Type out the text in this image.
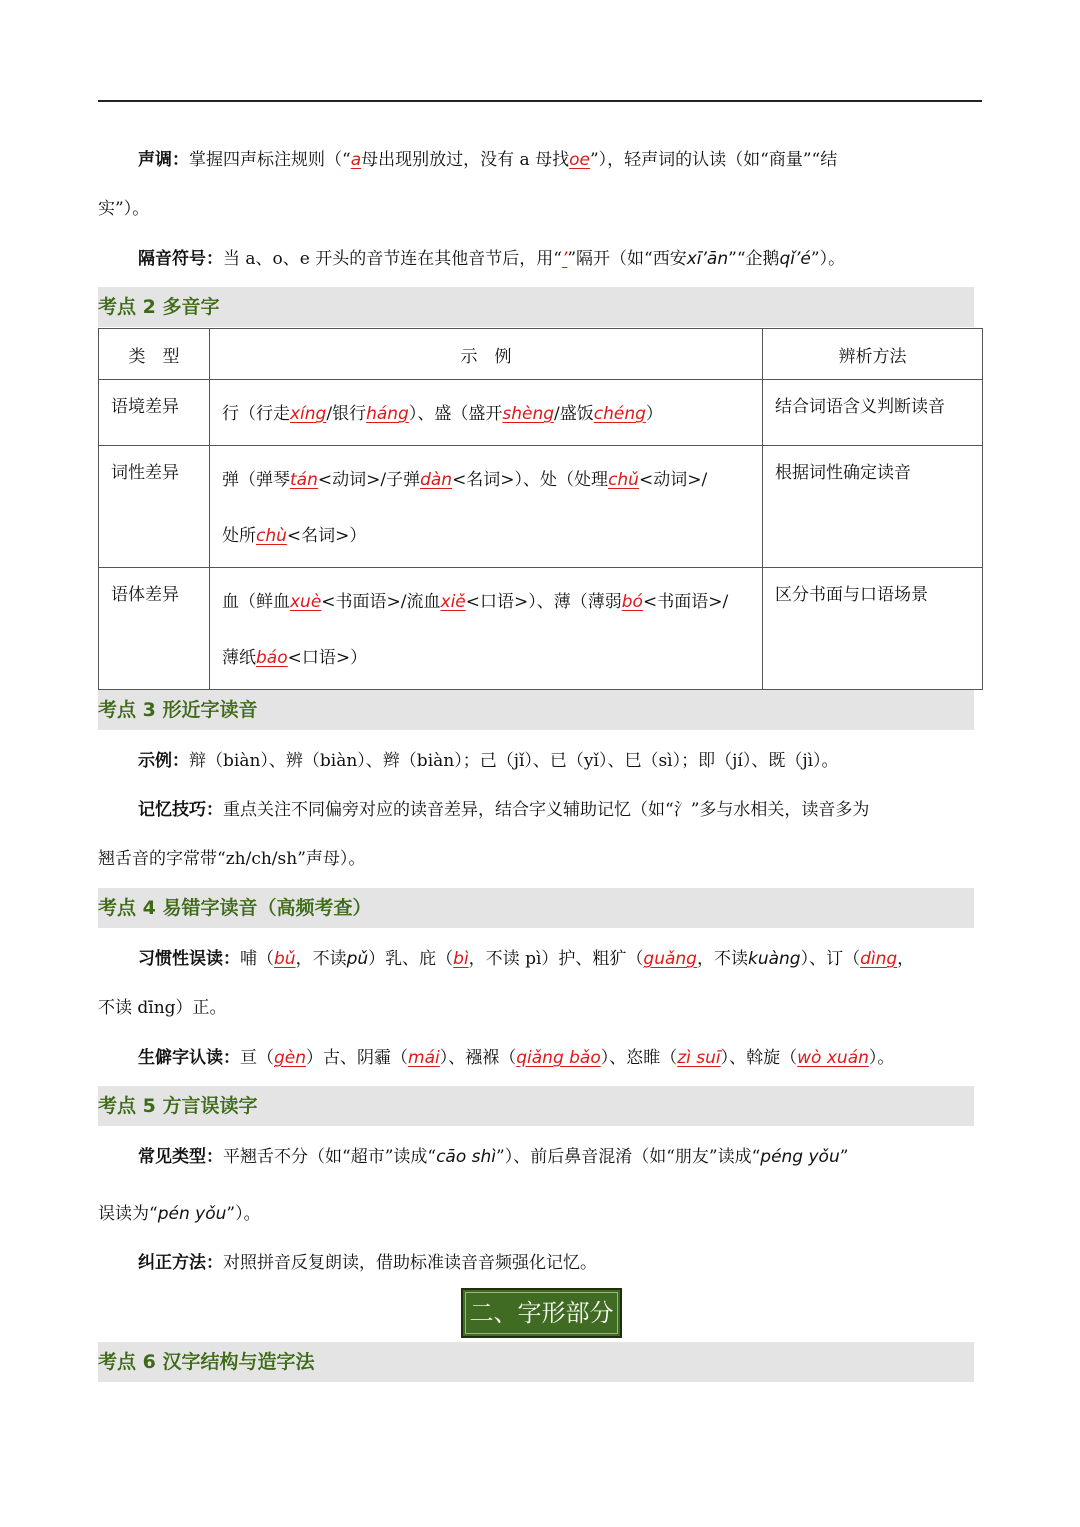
声调：掌握四声标注规则（“a母出现别放过，没有 a 母找oe”），轻声词的认读（如“商量”“结
实”）。
隔音符号：当 a、o、e 开头的音节连在其他音节后，用“’”隔开（如“西安xī’ān”“企鹅qǐ’é”）。
考点 2 多音字
类　型	示　例	辨析方法

语境差异	行（行走xíng/银行háng）、盛（盛开shèng/盛饭chéng）	结合词语含义判断读音

词性差异	弹（弹琴tán<动词>/子弹dàn<名词>）、处（处理chǔ<动词>/
处所chù<名词>）	根据词性确定读音

语体差异	血（鲜血xuè<书面语>/流血xiě<口语>）、薄（薄弱bó<书面语>/
薄纸báo<口语>）	区分书面与口语场景
考点 3 形近字读音
示例：辩（biàn）、辨（biàn）、辫（biàn）；己（jǐ）、已（yǐ）、巳（sì）；即（jí）、既（jì）。
记忆技巧：重点关注不同偏旁对应的读音差异，结合字义辅助记忆（如“氵”多与水相关，读音多为
翘舌音的字常带“zh/ch/sh”声母）。
考点 4 易错字读音（高频考查）
习惯性误读：哺（bǔ，不读pǔ）乳、庇（bì，不读 pì）护、粗犷（guǎng，不读kuàng）、订（dìng，
不读 dīng）正。
生僻字认读：亘（gèn）古、阴霾（mái）、襁褓（qiǎng bǎo）、恣睢（zì suī）、斡旋（wò xuán）。
考点 5 方言误读字
常见类型：平翘舌不分（如“超市”读成“cāo shì”）、前后鼻音混淆（如“朋友”读成“péng yǒu”
误读为“pén yǒu”）。
纠正方法：对照拼音反复朗读，借助标准读音音频强化记忆。
二、字形部分
考点 6 汉字结构与造字法
